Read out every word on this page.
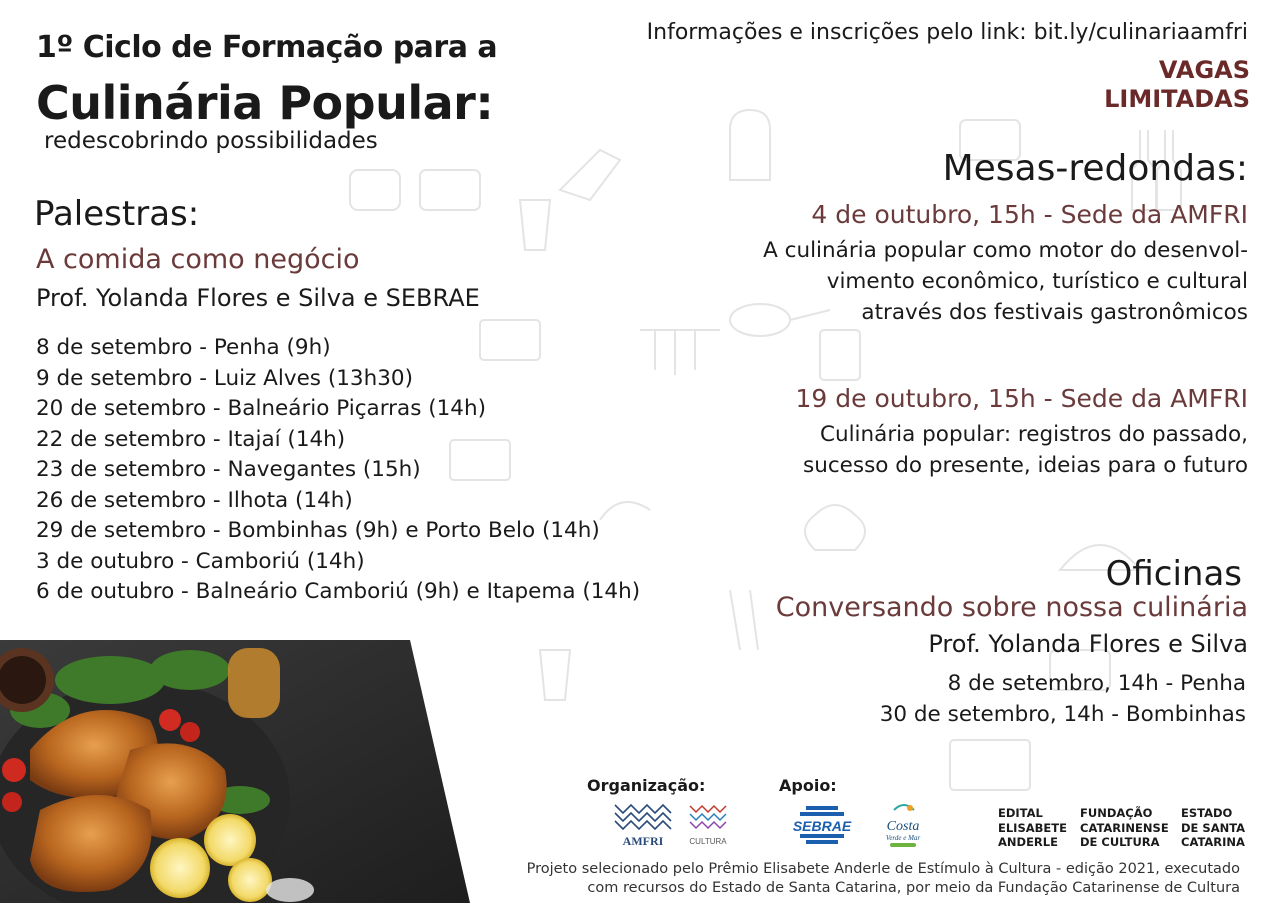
1º Ciclo de Formação para a
Culinária Popular:

redescobrindo possibilidades

Informações e inscrições pelo link: bit.ly/culinariaamfri

VAGAS
LIMITADAS
Palestras:

A comida como negócio

Prof. Yolanda Flores e Silva e SEBRAE

8 de setembro - Penha (9h)
9 de setembro - Luiz Alves (13h30)
20 de setembro - Balneário Piçarras (14h)
22 de setembro - Itajaí (14h)
23 de setembro - Navegantes (15h)
26 de setembro - Ilhota (14h)
29 de setembro - Bombinhas (9h) e Porto Belo (14h)
3 de outubro - Camboriú (14h)
6 de outubro - Balneário Camboriú (9h) e Itapema (14h)
Mesas-redondas:

4 de outubro, 15h - Sede da AMFRI

A culinária popular como motor do desenvol-

vimento econômico, turístico e cultural

através dos festivais gastronômicos

19 de outubro, 15h - Sede da AMFRI

Culinária popular: registros do passado,

sucesso do presente, ideias para o futuro

Oficinas

Conversando sobre nossa culinária

Prof. Yolanda Flores e Silva

8 de setembro, 14h - Penha
30 de setembro, 14h - Bombinhas
Organização:	Apoio:
AMFRI	CULTURA
SEBRAE	Costa
Verde e Mar
EDITAL
ELISABETE
ANDERLE
FUNDAÇÃO
CATARINENSE
DE CULTURA
ESTADO
DE SANTA
CATARINA
Projeto selecionado pelo Prêmio Elisabete Anderle de Estímulo à Cultura - edição 2021, executado
com recursos do Estado de Santa Catarina, por meio da Fundação Catarinense de Cultura
